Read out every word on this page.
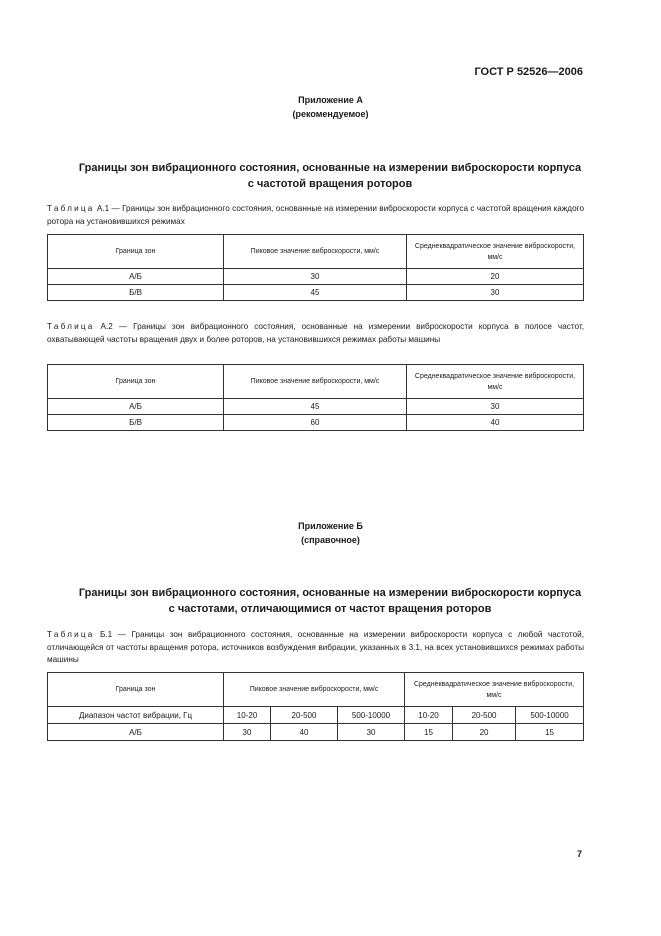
ГОСТ Р 52526—2006
Приложение А
(рекомендуемое)
Границы зон вибрационного состояния, основанные на измерении виброскорости корпуса
с частотой вращения роторов
Таблица А.1 — Границы зон вибрационного состояния, основанные на измерении виброскорости корпуса с частотой вращения каждого ротора на установившихся режимах
Граница зон	Пиковое значение виброскорости, мм/с	Среднеквадратическое значение виброскорости, мм/с
А/Б	30	20
Б/В	45	30
Таблица А.2 — Границы зон вибрационного состояния, основанные на измерении виброскорости корпуса в полосе частот, охватывающей частоты вращения двух и более роторов, на установившихся режимах работы машины
Граница зон	Пиковое значение виброскорости, мм/с	Среднеквадратическое значение виброскорости, мм/с
А/Б	45	30
Б/В	60	40
Приложение Б
(справочное)
Границы зон вибрационного состояния, основанные на измерении виброскорости корпуса
с частотами, отличающимися от частот вращения роторов
Таблица Б.1 — Границы зон вибрационного состояния, основанные на измерении виброскорости корпуса с любой частотой, отличающейся от частоты вращения ротора, источников возбуждения вибрации, указанных в 3.1, на всех установившихся режимах работы машины
Граница зон	Пиковое значение виброскорости, мм/с			Среднеквадратическое значение виброскорости, мм/с		
Диапазон частот вибрации, Гц	10-20	20-500	500-10000	10-20	20-500	500-10000
А/Б	30	40	30	15	20	15
7
